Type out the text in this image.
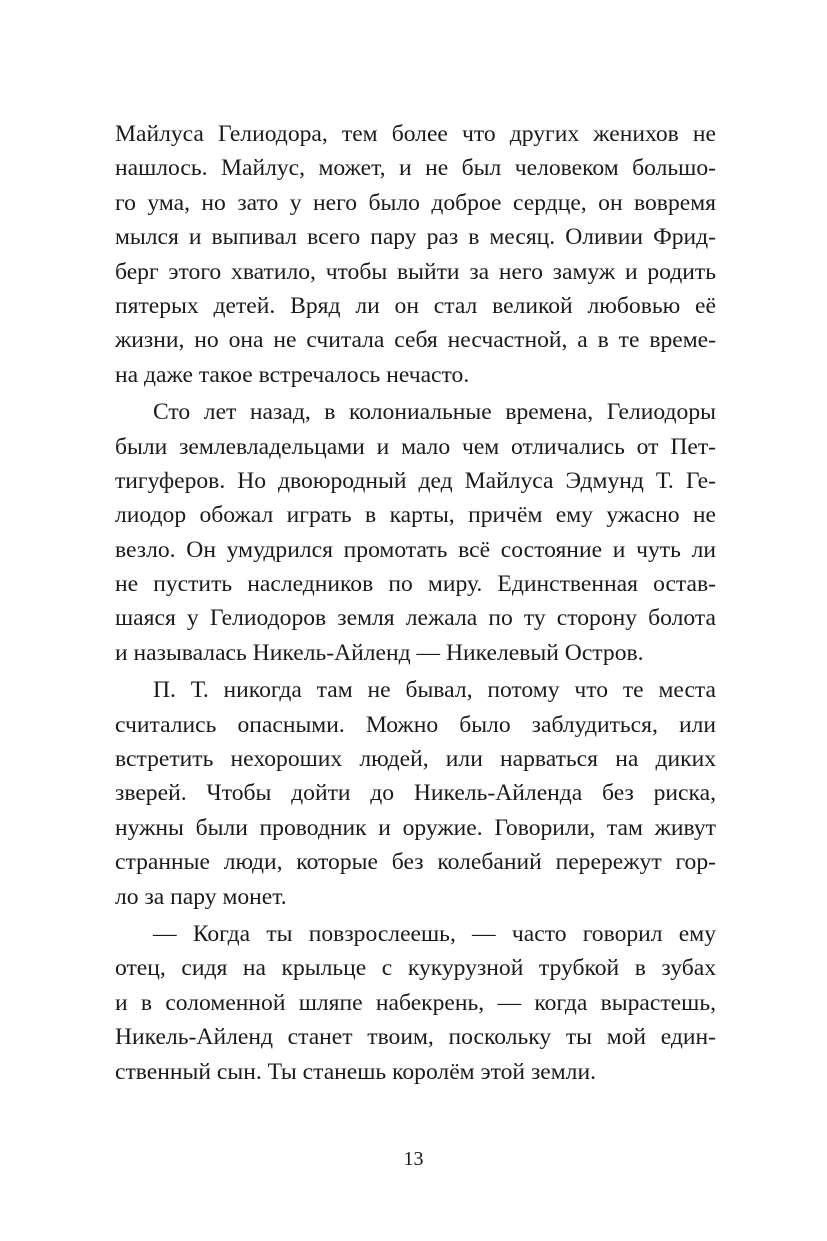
Майлуса Гелиодора, тем более что других женихов не
нашлось. Майлус, может, и не был человеком большо-
го ума, но зато у него было доброе сердце, он вовремя
мылся и выпивал всего пару раз в месяц. Оливии Фрид-
берг этого хватило, чтобы выйти за него замуж и родить
пятерых детей. Вряд ли он стал великой любовью её
жизни, но она не считала себя несчастной, а в те време-
на даже такое встречалось нечасто.
Сто лет назад, в колониальные времена, Гелиодоры
были землевладельцами и мало чем отличались от Пет-
тигуферов. Но двоюродный дед Майлуса Эдмунд Т. Ге-
лиодор обожал играть в карты, причём ему ужасно не
везло. Он умудрился промотать всё состояние и чуть ли
не пустить наследников по миру. Единственная остав-
шаяся у Гелиодоров земля лежала по ту сторону болота
и называлась Никель-Айленд — Никелевый Остров.
П. Т. никогда там не бывал, потому что те места
считались опасными. Можно было заблудиться, или
встретить нехороших людей, или нарваться на диких
зверей. Чтобы дойти до Никель-Айленда без риска,
нужны были проводник и оружие. Говорили, там живут
странные люди, которые без колебаний перережут гор-
ло за пару монет.
— Когда ты повзрослеешь, — часто говорил ему
отец, сидя на крыльце с кукурузной трубкой в зубах
и в соломенной шляпе набекрень, — когда вырастешь,
Никель-Айленд станет твоим, поскольку ты мой един-
ственный сын. Ты станешь королём этой земли.
13
